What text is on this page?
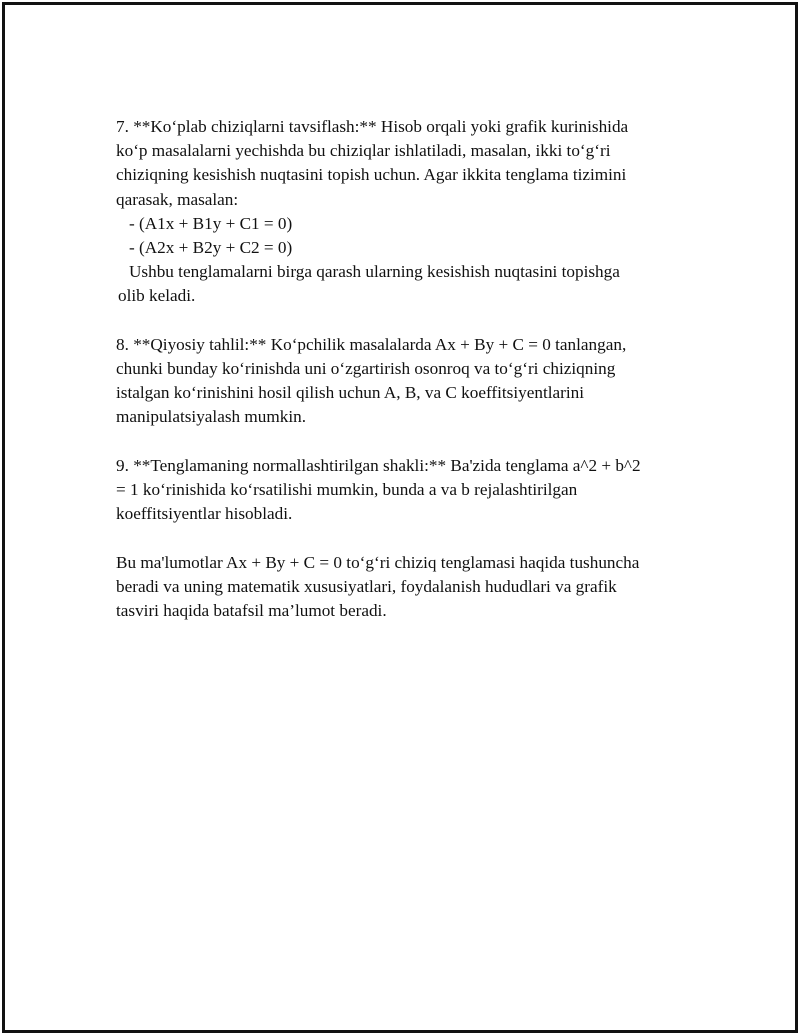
7. **Ko‘plab chiziqlarni tavsiflash:** Hisob orqali yoki grafik kurinishida
ko‘p masalalarni yechishda bu chiziqlar ishlatiladi, masalan, ikki to‘g‘ri
chiziqning kesishish nuqtasini topish uchun. Agar ikkita tenglama tizimini
qarasak, masalan:
- (A1x + B1y + C1 = 0)
- (A2x + B2y + C2 = 0)
Ushbu tenglamalarni birga qarash ularning kesishish nuqtasini topishga
olib keladi.
8. **Qiyosiy tahlil:** Ko‘pchilik masalalarda Ax + By + C = 0 tanlangan,
chunki bunday ko‘rinishda uni o‘zgartirish osonroq va to‘g‘ri chiziqning
istalgan ko‘rinishini hosil qilish uchun A, B, va C koeffitsiyentlarini
manipulatsiyalash mumkin.
9. **Tenglamaning normallashtirilgan shakli:** Ba'zida tenglama a^2 + b^2
= 1 ko‘rinishida ko‘rsatilishi mumkin, bunda a va b rejalashtirilgan
koeffitsiyentlar hisobladi.
Bu ma'lumotlar Ax + By + C = 0 to‘g‘ri chiziq tenglamasi haqida tushuncha
beradi va uning matematik xususiyatlari, foydalanish hududlari va grafik
tasviri haqida batafsil ma’lumot beradi.
